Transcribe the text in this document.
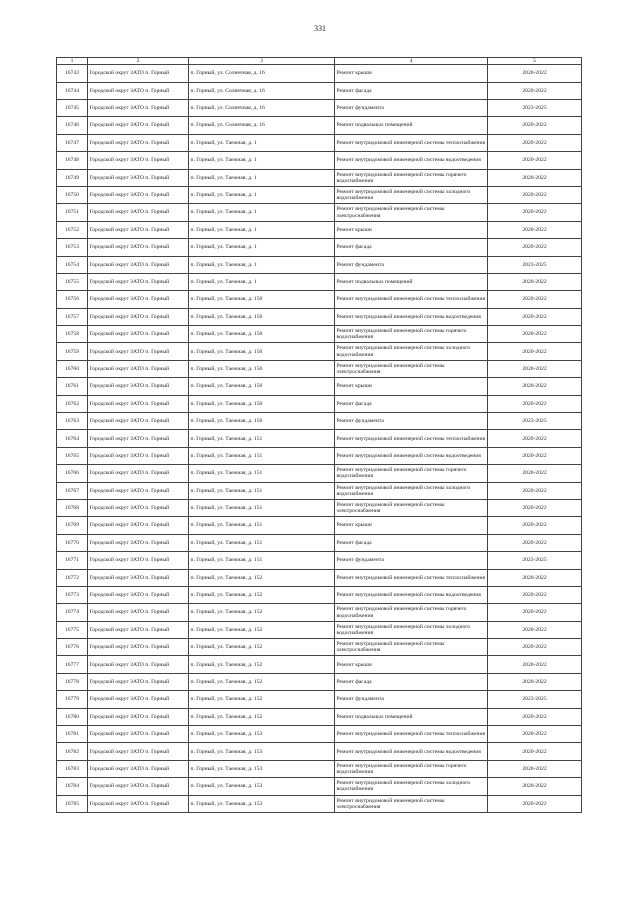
331
1	2	3	4	5
16743	Городской округ ЗАТО п. Горный	п. Горный, ул. Солнечная, д. 16	Ремонт крыши	2020-2022
16744	Городской округ ЗАТО п. Горный	п. Горный, ул. Солнечная, д. 16	Ремонт фасада	2020-2022
16745	Городской округ ЗАТО п. Горный	п. Горный, ул. Солнечная, д. 16	Ремонт фундамента	2023-2025
16746	Городской округ ЗАТО п. Горный	п. Горный, ул. Солнечная, д. 16	Ремонт подвальных помещений	2020-2022
16747	Городской округ ЗАТО п. Горный	п. Горный, ул. Таежная, д. 1	Ремонт внутридомовой инженерной системы теплоснабжения	2020-2022
16748	Городской округ ЗАТО п. Горный	п. Горный, ул. Таежная, д. 1	Ремонт внутридомовой инженерной системы водоотведения	2020-2022
16749	Городской округ ЗАТО п. Горный	п. Горный, ул. Таежная, д. 1	Ремонт внутридомовой инженерной системы горячего водоснабжения	2020-2022
16750	Городской округ ЗАТО п. Горный	п. Горный, ул. Таежная, д. 1	Ремонт внутридомовой инженерной системы холодного водоснабжения	2020-2022
16751	Городской округ ЗАТО п. Горный	п. Горный, ул. Таежная, д. 1	Ремонт внутридомовой инженерной системы электроснабжения	2020-2022
16752	Городской округ ЗАТО п. Горный	п. Горный, ул. Таежная, д. 1	Ремонт крыши	2020-2022
16753	Городской округ ЗАТО п. Горный	п. Горный, ул. Таежная, д. 1	Ремонт фасада	2020-2022
16754	Городской округ ЗАТО п. Горный	п. Горный, ул. Таежная, д. 1	Ремонт фундамента	2023-2025
16755	Городской округ ЗАТО п. Горный	п. Горный, ул. Таежная, д. 1	Ремонт подвальных помещений	2020-2022
16756	Городской округ ЗАТО п. Горный	п. Горный, ул. Таежная, д. 150	Ремонт внутридомовой инженерной системы теплоснабжения	2020-2022
16757	Городской округ ЗАТО п. Горный	п. Горный, ул. Таежная, д. 150	Ремонт внутридомовой инженерной системы водоотведения	2020-2022
16758	Городской округ ЗАТО п. Горный	п. Горный, ул. Таежная, д. 150	Ремонт внутридомовой инженерной системы горячего водоснабжения	2020-2022
16759	Городской округ ЗАТО п. Горный	п. Горный, ул. Таежная, д. 150	Ремонт внутридомовой инженерной системы холодного водоснабжения	2020-2022
16760	Городской округ ЗАТО п. Горный	п. Горный, ул. Таежная, д. 150	Ремонт внутридомовой инженерной системы электроснабжения	2020-2022
16761	Городской округ ЗАТО п. Горный	п. Горный, ул. Таежная, д. 150	Ремонт крыши	2020-2022
16762	Городской округ ЗАТО п. Горный	п. Горный, ул. Таежная, д. 150	Ремонт фасада	2020-2022
16763	Городской округ ЗАТО п. Горный	п. Горный, ул. Таежная, д. 150	Ремонт фундамента	2023-2025
16764	Городской округ ЗАТО п. Горный	п. Горный, ул. Таежная, д. 151	Ремонт внутридомовой инженерной системы теплоснабжения	2020-2022
16765	Городской округ ЗАТО п. Горный	п. Горный, ул. Таежная, д. 151	Ремонт внутридомовой инженерной системы водоотведения	2020-2022
16766	Городской округ ЗАТО п. Горный	п. Горный, ул. Таежная, д. 151	Ремонт внутридомовой инженерной системы горячего водоснабжения	2020-2022
16767	Городской округ ЗАТО п. Горный	п. Горный, ул. Таежная, д. 151	Ремонт внутридомовой инженерной системы холодного водоснабжения	2020-2022
16768	Городской округ ЗАТО п. Горный	п. Горный, ул. Таежная, д. 151	Ремонт внутридомовой инженерной системы электроснабжения	2020-2022
16769	Городской округ ЗАТО п. Горный	п. Горный, ул. Таежная, д. 151	Ремонт крыши	2020-2022
16770	Городской округ ЗАТО п. Горный	п. Горный, ул. Таежная, д. 151	Ремонт фасада	2020-2022
16771	Городской округ ЗАТО п. Горный	п. Горный, ул. Таежная, д. 151	Ремонт фундамента	2023-2025
16772	Городской округ ЗАТО п. Горный	п. Горный, ул. Таежная, д. 152	Ремонт внутридомовой инженерной системы теплоснабжения	2020-2022
16773	Городской округ ЗАТО п. Горный	п. Горный, ул. Таежная, д. 152	Ремонт внутридомовой инженерной системы водоотведения	2020-2022
16774	Городской округ ЗАТО п. Горный	п. Горный, ул. Таежная, д. 152	Ремонт внутридомовой инженерной системы горячего водоснабжения	2020-2022
16775	Городской округ ЗАТО п. Горный	п. Горный, ул. Таежная, д. 152	Ремонт внутридомовой инженерной системы холодного водоснабжения	2020-2022
16776	Городской округ ЗАТО п. Горный	п. Горный, ул. Таежная, д. 152	Ремонт внутридомовой инженерной системы электроснабжения	2020-2022
16777	Городской округ ЗАТО п. Горный	п. Горный, ул. Таежная, д. 152	Ремонт крыши	2020-2022
16778	Городской округ ЗАТО п. Горный	п. Горный, ул. Таежная, д. 152	Ремонт фасада	2020-2022
16779	Городской округ ЗАТО п. Горный	п. Горный, ул. Таежная, д. 152	Ремонт фундамента	2023-2025
16780	Городской округ ЗАТО п. Горный	п. Горный, ул. Таежная, д. 152	Ремонт подвальных помещений	2020-2022
16781	Городской округ ЗАТО п. Горный	п. Горный, ул. Таежная, д. 153	Ремонт внутридомовой инженерной системы теплоснабжения	2020-2022
16782	Городской округ ЗАТО п. Горный	п. Горный, ул. Таежная, д. 153	Ремонт внутридомовой инженерной системы водоотведения	2020-2022
16783	Городской округ ЗАТО п. Горный	п. Горный, ул. Таежная, д. 153	Ремонт внутридомовой инженерной системы горячего водоснабжения	2020-2022
16784	Городской округ ЗАТО п. Горный	п. Горный, ул. Таежная, д. 153	Ремонт внутридомовой инженерной системы холодного водоснабжения	2020-2022
16785	Городской округ ЗАТО п. Горный	п. Горный, ул. Таежная, д. 153	Ремонт внутридомовой инженерной системы электроснабжения	2020-2022
